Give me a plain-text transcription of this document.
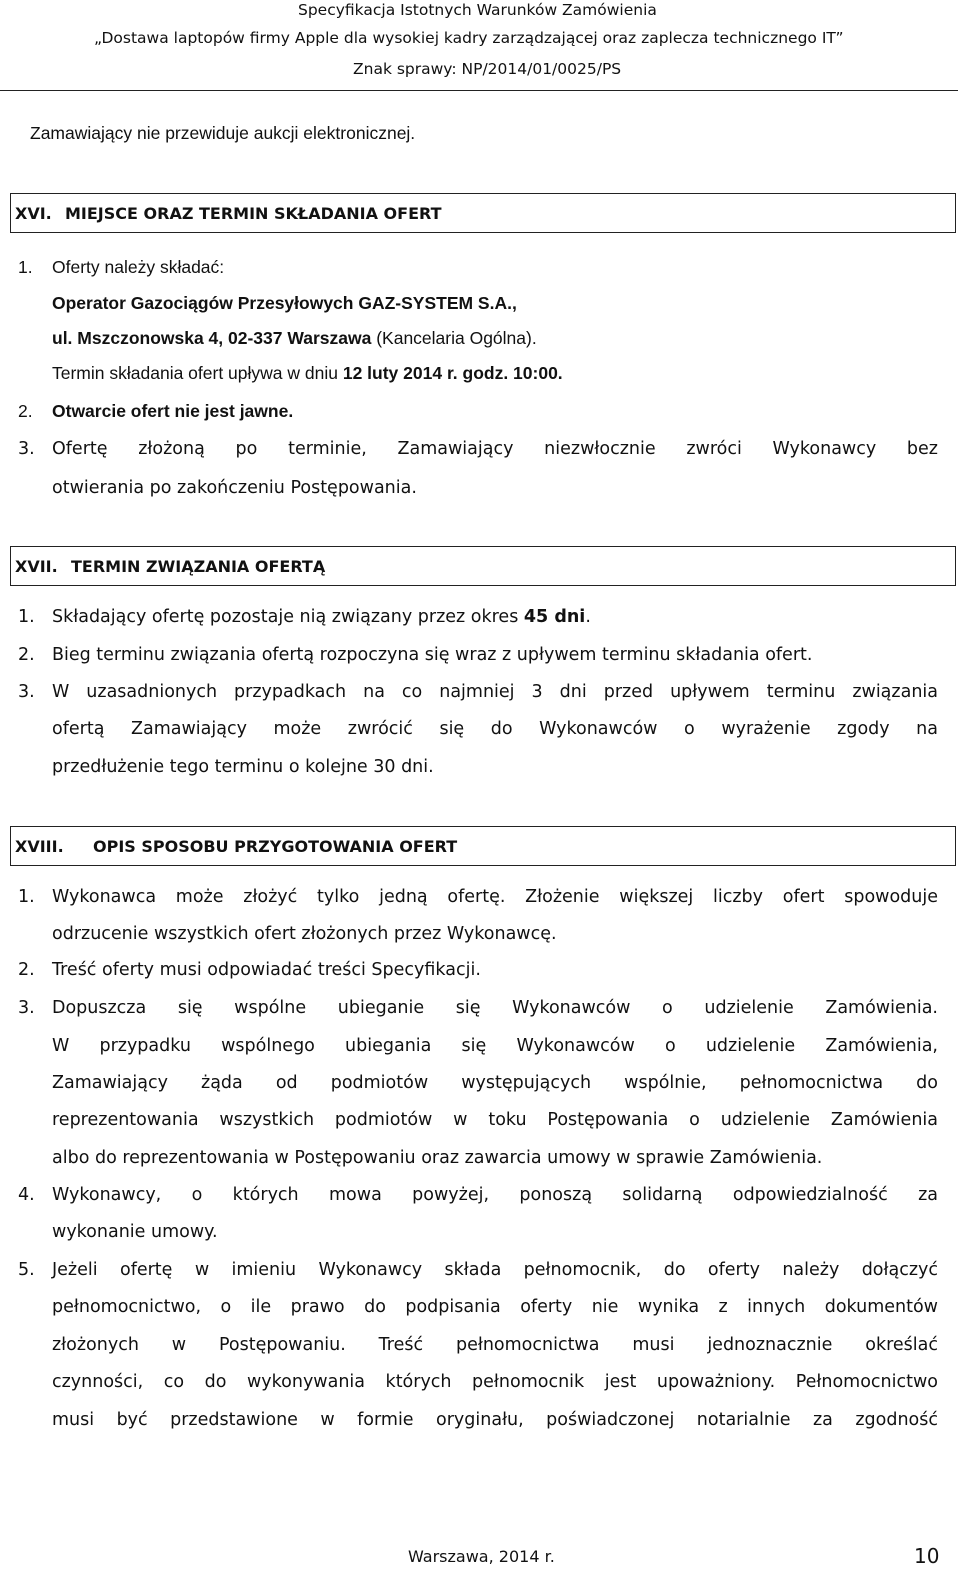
Specyfikacja Istotnych Warunków Zamówienia
„Dostawa laptopów firmy Apple dla wysokiej kadry zarządzającej oraz zaplecza technicznego IT”
Znak sprawy: NP/2014/01/0025/PS
Zamawiający nie przewiduje aukcji elektronicznej.
XVI. MIEJSCE ORAZ TERMIN SKŁADANIA OFERT
1. Oferty należy składać:
Operator Gazociągów Przesyłowych GAZ-SYSTEM S.A.,
ul. Mszczonowska 4, 02-337 Warszawa (Kancelaria Ogólna).
Termin składania ofert upływa w dniu 12 luty 2014 r. godz. 10:00.
2. Otwarcie ofert nie jest jawne.
3. Ofertę złożoną po terminie, Zamawiający niezwłocznie zwróci Wykonawcy bez
otwierania po zakończeniu Postępowania.
XVII. TERMIN ZWIĄZANIA OFERTĄ
1. Składający ofertę pozostaje nią związany przez okres 45 dni.
2. Bieg terminu związania ofertą rozpoczyna się wraz z upływem terminu składania ofert.
3. W uzasadnionych przypadkach na co najmniej 3 dni przed upływem terminu związania
ofertą Zamawiający może zwrócić się do Wykonawców o wyrażenie zgody na
przedłużenie tego terminu o kolejne 30 dni.
XVIII. OPIS SPOSOBU PRZYGOTOWANIA OFERT
1. Wykonawca może złożyć tylko jedną ofertę. Złożenie większej liczby ofert spowoduje
odrzucenie wszystkich ofert złożonych przez Wykonawcę.
2. Treść oferty musi odpowiadać treści Specyfikacji.
3. Dopuszcza się wspólne ubieganie się Wykonawców o udzielenie Zamówienia.
W przypadku wspólnego ubiegania się Wykonawców o udzielenie Zamówienia,
Zamawiający żąda od podmiotów występujących wspólnie, pełnomocnictwa do
reprezentowania wszystkich podmiotów w toku Postępowania o udzielenie Zamówienia
albo do reprezentowania w Postępowaniu oraz zawarcia umowy w sprawie Zamówienia.
4. Wykonawcy, o których mowa powyżej, ponoszą solidarną odpowiedzialność za
wykonanie umowy.
5. Jeżeli ofertę w imieniu Wykonawcy składa pełnomocnik, do oferty należy dołączyć
pełnomocnictwo, o ile prawo do podpisania oferty nie wynika z innych dokumentów
złożonych w Postępowaniu. Treść pełnomocnictwa musi jednoznacznie określać
czynności, co do wykonywania których pełnomocnik jest upoważniony. Pełnomocnictwo
musi być przedstawione w formie oryginału, poświadczonej notarialnie za zgodność
Warszawa, 2014 r.	10
